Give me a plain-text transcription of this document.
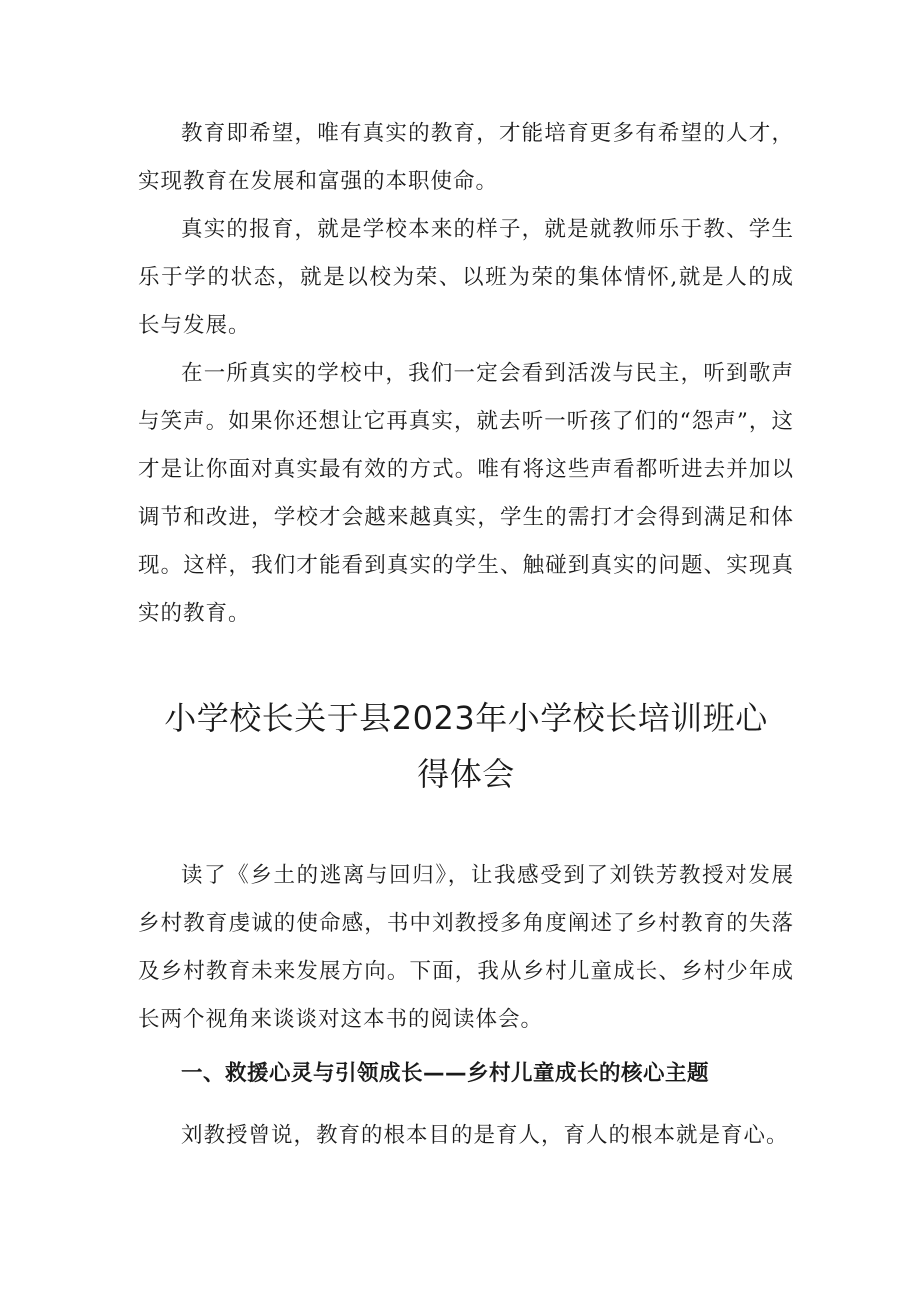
教育即希望，唯有真实的教育，才能培育更多有希望的人才，实现教育在发展和富强的本职使命。

真实的报育，就是学校本来的样子，就是就教师乐于教、学生乐于学的状态，就是以校为荣、以班为荣的集体情怀,就是人的成长与发展。

在一所真实的学校中，我们一定会看到活泼与民主，听到歌声与笑声。如果你还想让它再真实，就去听一听孩了们的“怨声”，这才是让你面对真实最有效的方式。唯有将这些声看都听进去并加以调节和改进，学校才会越来越真实，学生的需打才会得到满足和体现。这样，我们才能看到真实的学生、触碰到真实的问题、实现真实的教育。

小学校长关于县2023年小学校长培训班心
得体会

读了《乡土的逃离与回归》，让我感受到了刘铁芳教授对发展乡村教育虔诚的使命感，书中刘教授多角度阐述了乡村教育的失落及乡村教育未来发展方向。下面，我从乡村儿童成长、乡村少年成长两个视角来谈谈对这本书的阅读体会。

一、救援心灵与引领成长——乡村儿童成长的核心主题

刘教授曾说，教育的根本目的是育人，育人的根本就是育心。
